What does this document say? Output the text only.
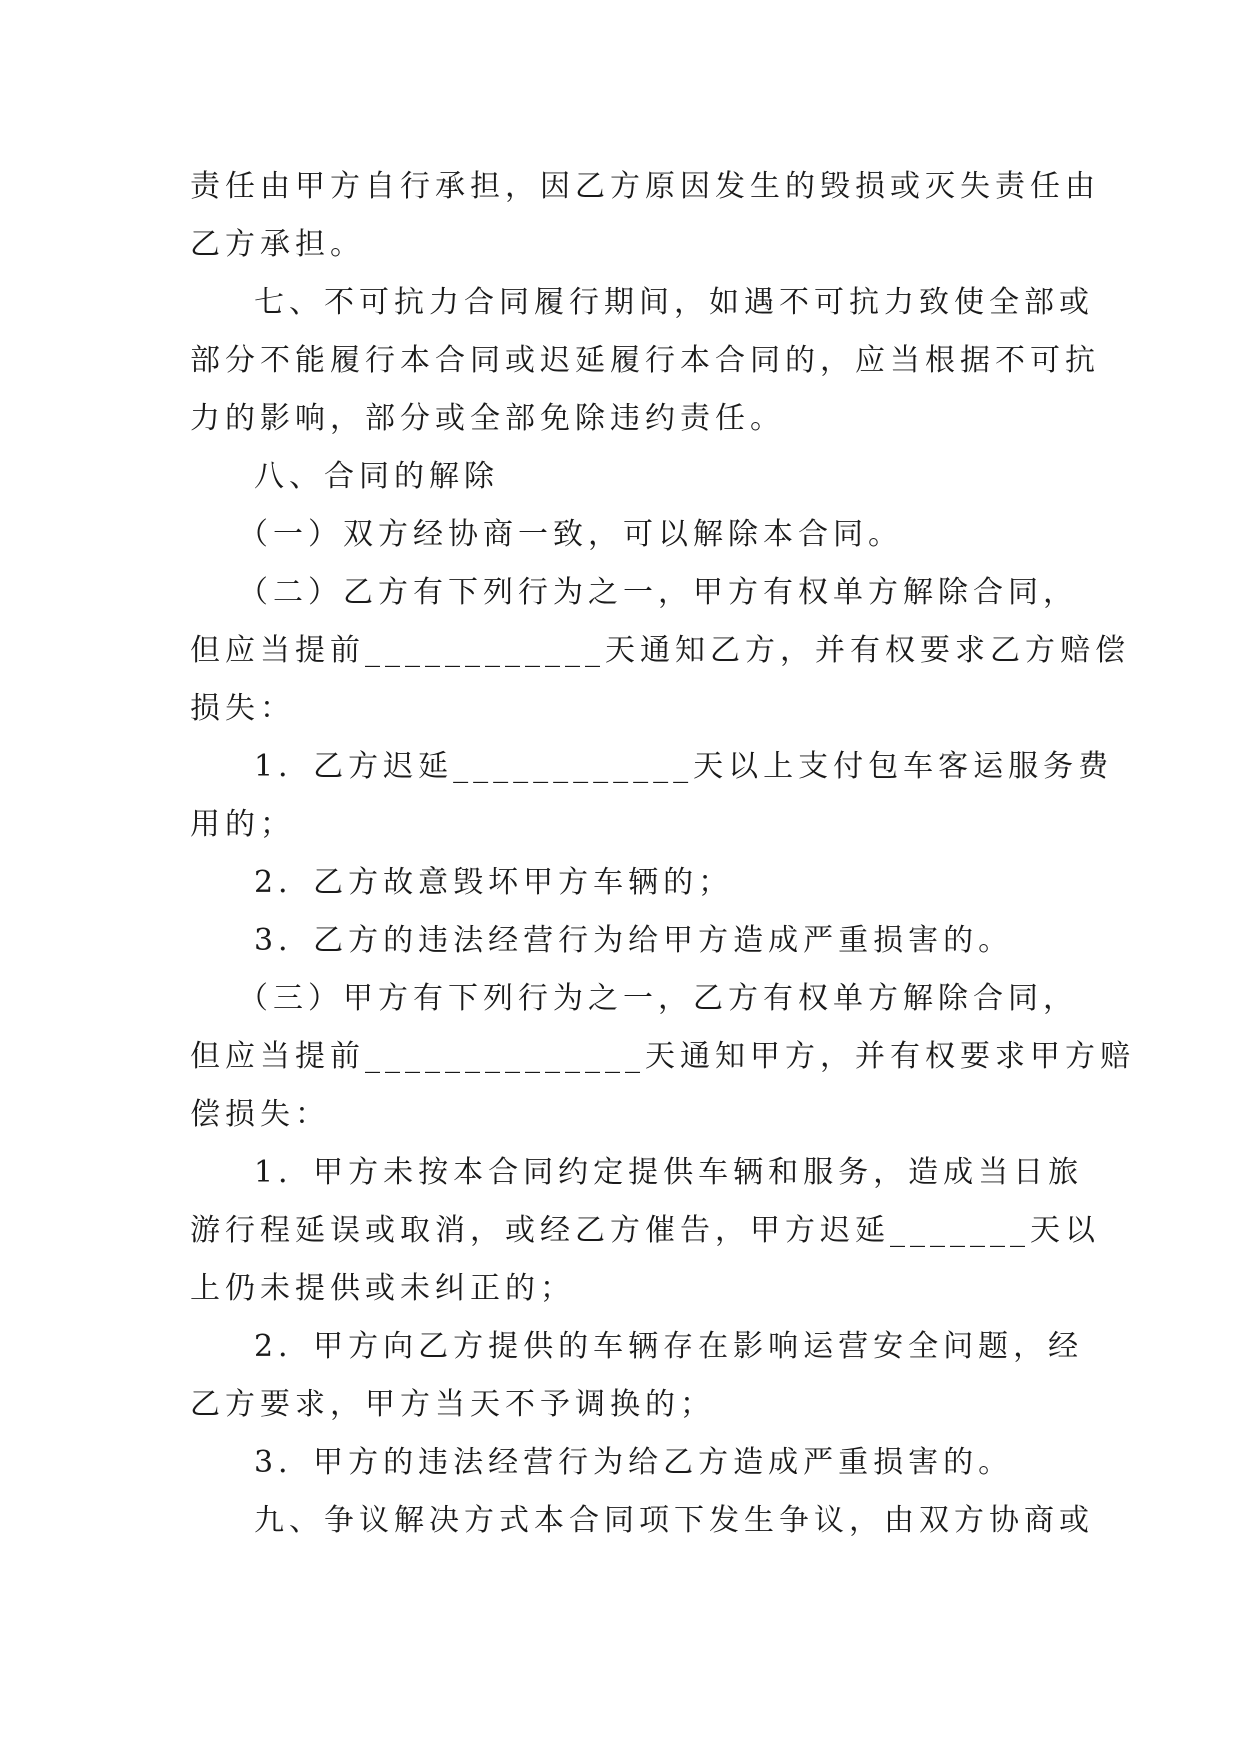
责任由甲方自行承担，因乙方原因发生的毁损或灭失责任由
乙方承担。
七、不可抗力合同履行期间，如遇不可抗力致使全部或
部分不能履行本合同或迟延履行本合同的，应当根据不可抗
力的影响，部分或全部免除违约责任。
八、合同的解除
（一）双方经协商一致，可以解除本合同。
（二）乙方有下列行为之一，甲方有权单方解除合同，
但应当提前____________天通知乙方，并有权要求乙方赔偿
损失：
1．乙方迟延____________天以上支付包车客运服务费
用的；
2．乙方故意毁坏甲方车辆的；
3．乙方的违法经营行为给甲方造成严重损害的。
（三）甲方有下列行为之一，乙方有权单方解除合同，
但应当提前______________天通知甲方，并有权要求甲方赔
偿损失：
1．甲方未按本合同约定提供车辆和服务，造成当日旅
游行程延误或取消，或经乙方催告，甲方迟延_______天以
上仍未提供或未纠正的；
2．甲方向乙方提供的车辆存在影响运营安全问题，经
乙方要求，甲方当天不予调换的；
3．甲方的违法经营行为给乙方造成严重损害的。
九、争议解决方式本合同项下发生争议，由双方协商或
